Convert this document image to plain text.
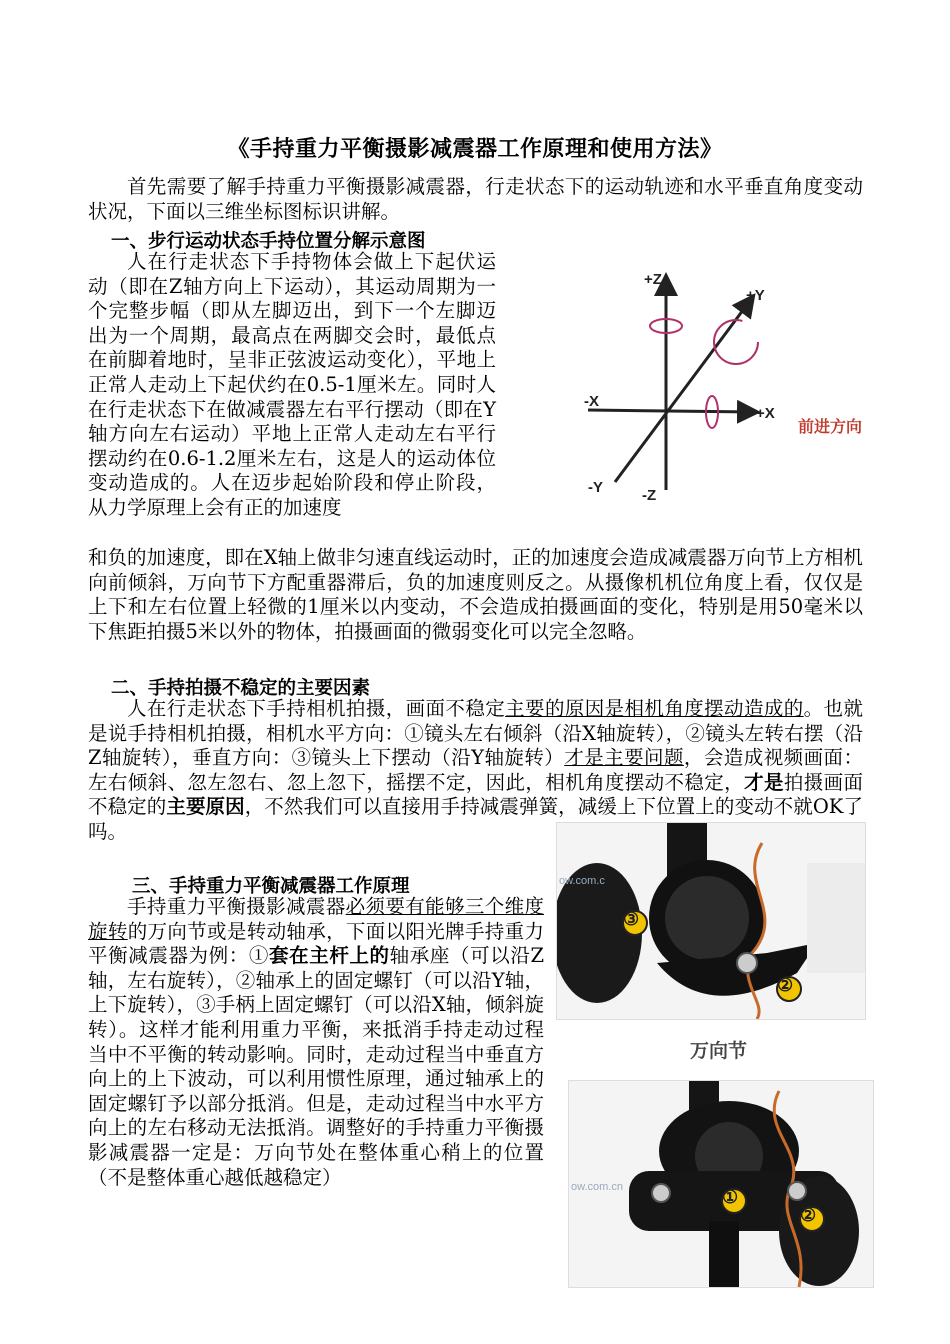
《手持重力平衡摄影减震器工作原理和使用方法》
首先需要了解手持重力平衡摄影减震器，行走状态下的运动轨迹和水平垂直角度变动状况，下面以三维坐标图标识讲解。
一、步行运动状态手持位置分解示意图
人在行走状态下手持物体会做上下起伏运动（即在Z轴方向上下运动），其运动周期为一个完整步幅（即从左脚迈出，到下一个左脚迈出为一个周期，最高点在两脚交会时，最低点在前脚着地时，呈非正弦波运动变化），平地上正常人走动上下起伏约在0.5-1厘米左。同时人在行走状态下在做减震器左右平行摆动（即在Y轴方向左右运动）平地上正常人走动左右平行摆动约在0.6-1.2厘米左右，这是人的运动体位变动造成的。人在迈步起始阶段和停止阶段，从力学原理上会有正的加速度
和负的加速度，即在X轴上做非匀速直线运动时，正的加速度会造成减震器万向节上方相机向前倾斜，万向节下方配重器滞后，负的加速度则反之。从摄像机机位角度上看，仅仅是上下和左右位置上轻微的1厘米以内变动，不会造成拍摄画面的变化，特别是用50毫米以下焦距拍摄5米以外的物体，拍摄画面的微弱变化可以完全忽略。
+Z
-Z
+Y
-Y
+X
-X
前进方向
二、手持拍摄不稳定的主要因素
人在行走状态下手持相机拍摄，画面不稳定主要的原因是相机角度摆动造成的。也就是说手持相机拍摄，相机水平方向：①镜头左右倾斜（沿X轴旋转），②镜头左转右摆（沿Z轴旋转），垂直方向：③镜头上下摆动（沿Y轴旋转）才是主要问题，会造成视频画面：左右倾斜、忽左忽右、忽上忽下，摇摆不定，因此，相机角度摆动不稳定，才是拍摄画面不稳定的主要原因，不然我们可以直接用手持减震弹簧，减缓上下位置上的变动不就OK了吗。
三、手持重力平衡减震器工作原理
手持重力平衡摄影减震器必须要有能够三个维度旋转的万向节或是转动轴承，下面以阳光牌手持重力平衡减震器为例：①套在主杆上的轴承座（可以沿Z轴，左右旋转），②轴承上的固定螺钉（可以沿Y轴，上下旋转），③手柄上固定螺钉（可以沿X轴，倾斜旋转）。这样才能利用重力平衡，来抵消手持走动过程当中不平衡的转动影响。同时，走动过程当中垂直方向上的上下波动，可以利用惯性原理，通过轴承上的固定螺钉予以部分抵消。但是，走动过程当中水平方向上的左右移动无法抵消。调整好的手持重力平衡摄影减震器一定是：万向节处在整体重心稍上的位置（不是整体重心越低越稳定）
③
②
ow.com.c
万向节
①
②
ow.com.cn
